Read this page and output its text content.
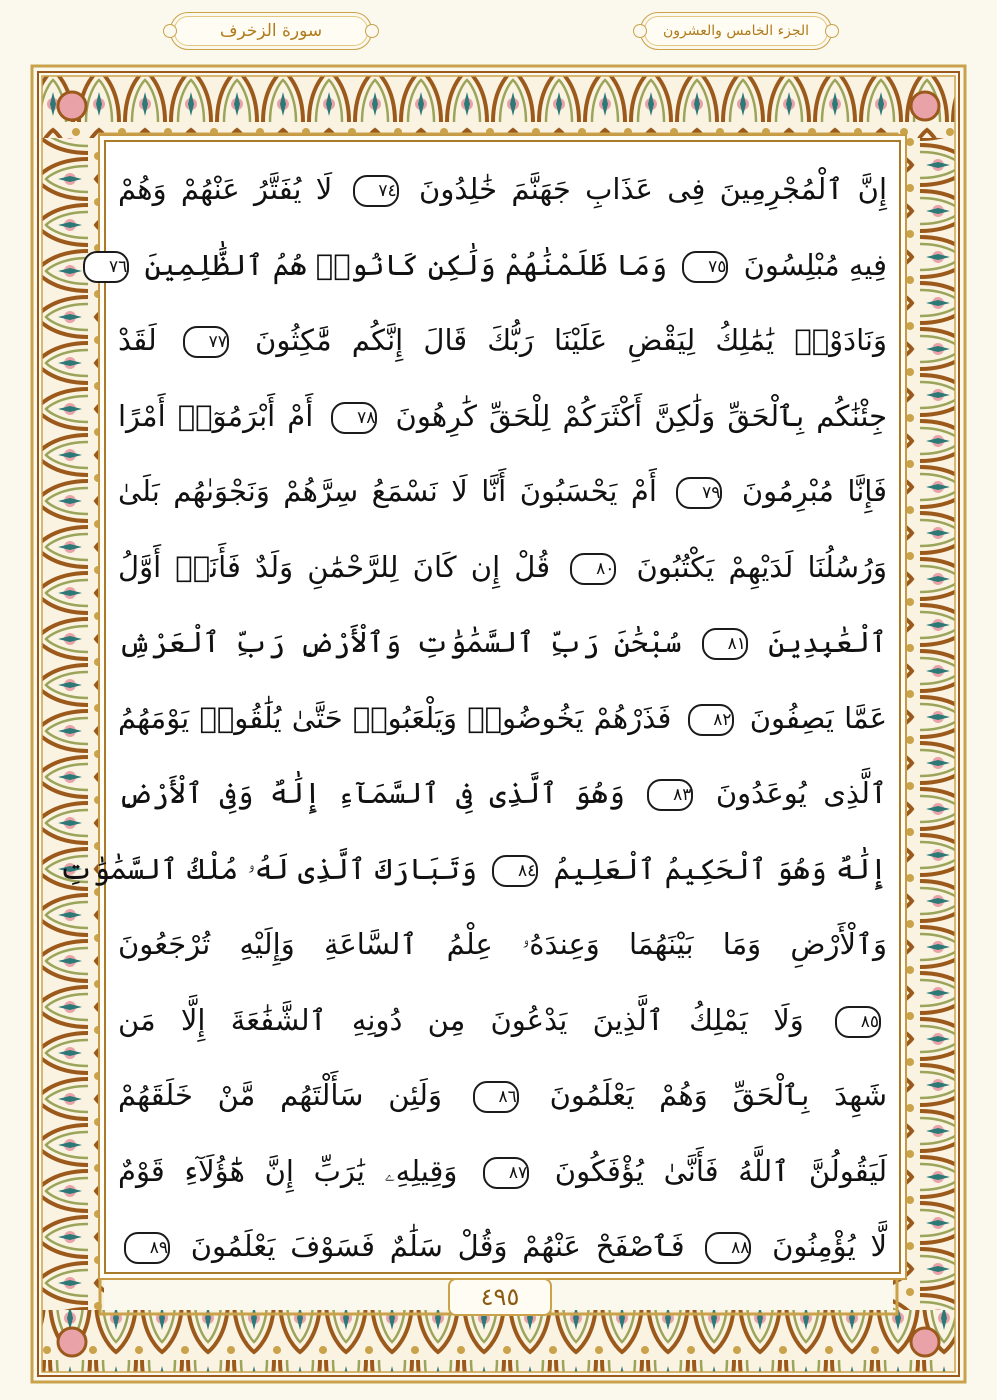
سورة الزخرف	الجزء الخامس والعشرون
إِنَّ ٱلْمُجْرِمِينَ فِى عَذَابِ جَهَنَّمَ خَٰلِدُونَ ٧٤ لَا يُفَتَّرُ عَنْهُمْ وَهُمْ
فِيهِ مُبْلِسُونَ ٧٥ وَمَا ظَلَمْنَٰهُمْ وَلَٰكِن كَانُوا۟ هُمُ ٱلظَّٰلِمِينَ ٧٦
وَنَادَوْا۟ يَٰمَٰلِكُ لِيَقْضِ عَلَيْنَا رَبُّكَ قَالَ إِنَّكُم مَّٰكِثُونَ ٧٧ لَقَدْ
جِئْنَٰكُم بِٱلْحَقِّ وَلَٰكِنَّ أَكْثَرَكُمْ لِلْحَقِّ كَٰرِهُونَ ٧٨ أَمْ أَبْرَمُوٓا۟ أَمْرًا
فَإِنَّا مُبْرِمُونَ ٧٩ أَمْ يَحْسَبُونَ أَنَّا لَا نَسْمَعُ سِرَّهُمْ وَنَجْوَىٰهُم بَلَىٰ
وَرُسُلُنَا لَدَيْهِمْ يَكْتُبُونَ ٨٠ قُلْ إِن كَانَ لِلرَّحْمَٰنِ وَلَدٌ فَأَنَا۠ أَوَّلُ
ٱلْعَٰبِدِينَ ٨١ سُبْحَٰنَ رَبِّ ٱلسَّمَٰوَٰتِ وَٱلْأَرْضِ رَبِّ ٱلْعَرْشِ
عَمَّا يَصِفُونَ ٨٢ فَذَرْهُمْ يَخُوضُوا۟ وَيَلْعَبُوا۟ حَتَّىٰ يُلَٰقُوا۟ يَوْمَهُمُ
ٱلَّذِى يُوعَدُونَ ٨٣ وَهُوَ ٱلَّذِى فِى ٱلسَّمَآءِ إِلَٰهٌ وَفِى ٱلْأَرْضِ
إِلَٰهٌ وَهُوَ ٱلْحَكِيمُ ٱلْعَلِيمُ ٨٤ وَتَبَارَكَ ٱلَّذِى لَهُۥ مُلْكُ ٱلسَّمَٰوَٰتِ
وَٱلْأَرْضِ وَمَا بَيْنَهُمَا وَعِندَهُۥ عِلْمُ ٱلسَّاعَةِ وَإِلَيْهِ تُرْجَعُونَ
٨٥ وَلَا يَمْلِكُ ٱلَّذِينَ يَدْعُونَ مِن دُونِهِ ٱلشَّفَٰعَةَ إِلَّا مَن
شَهِدَ بِٱلْحَقِّ وَهُمْ يَعْلَمُونَ ٨٦ وَلَئِن سَأَلْتَهُم مَّنْ خَلَقَهُمْ
لَيَقُولُنَّ ٱللَّهُ فَأَنَّىٰ يُؤْفَكُونَ ٨٧ وَقِيلِهِۦ يَٰرَبِّ إِنَّ هَٰٓؤُلَآءِ قَوْمٌ
لَّا يُؤْمِنُونَ ٨٨ فَٱصْفَحْ عَنْهُمْ وَقُلْ سَلَٰمٌ فَسَوْفَ يَعْلَمُونَ ٨٩
٤٩٥
